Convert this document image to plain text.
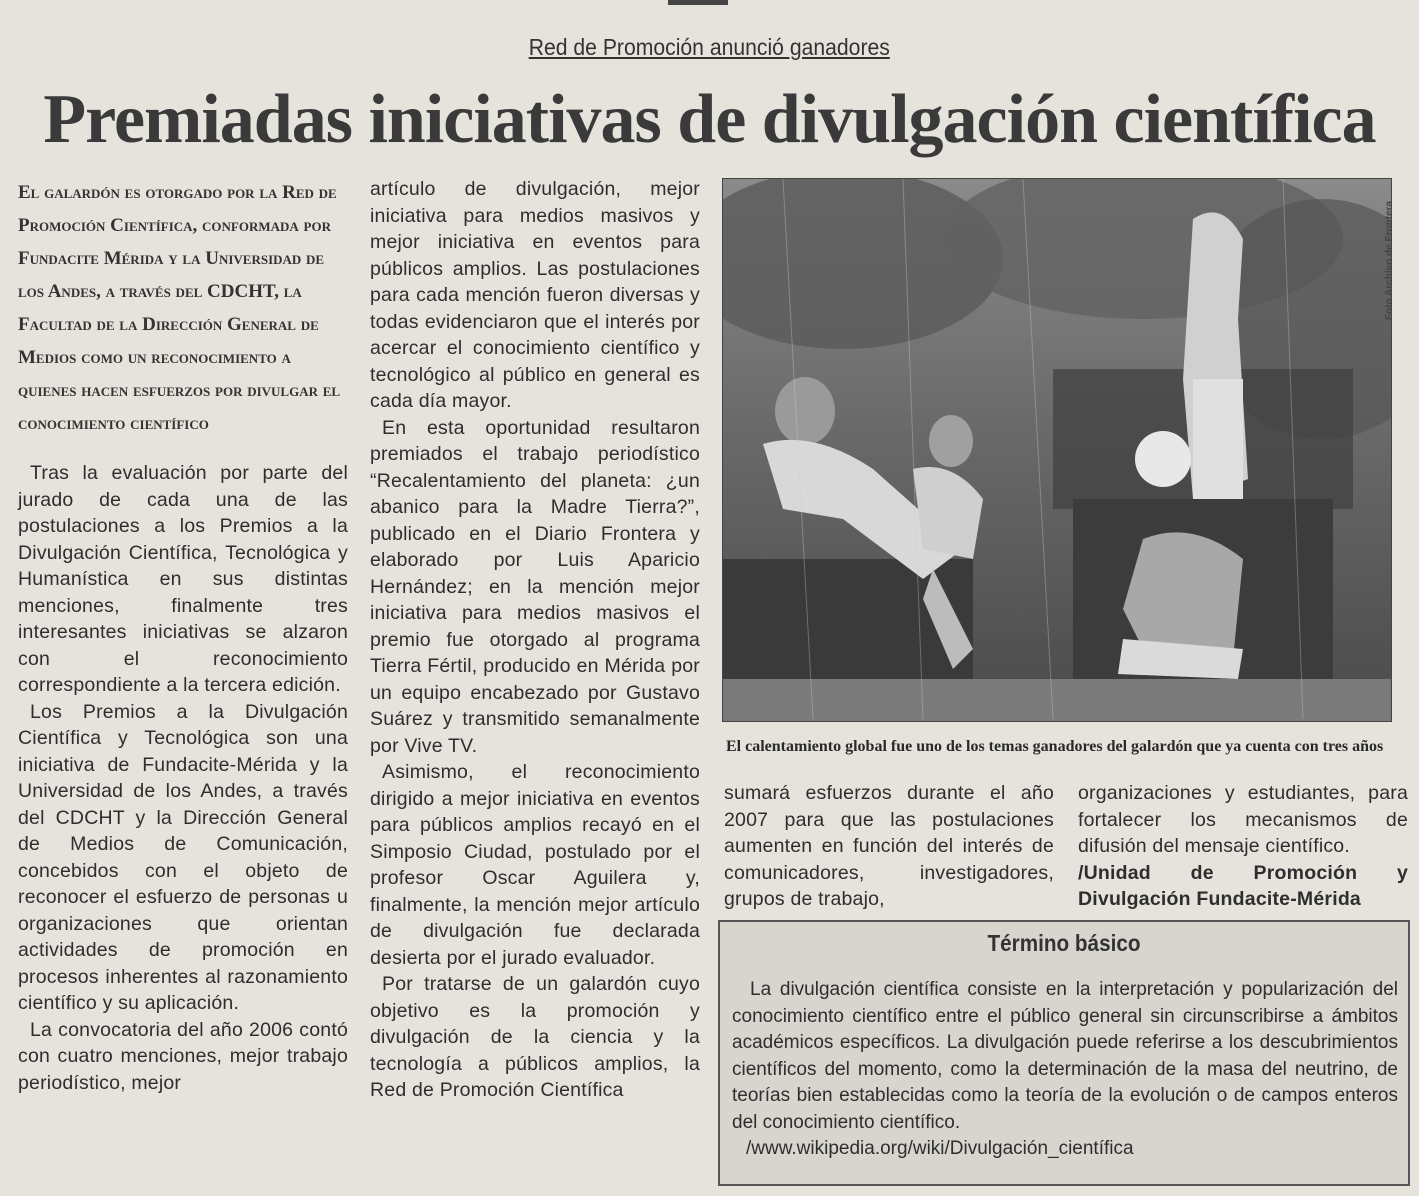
Red de Promoción anunció ganadores
Premiadas iniciativas de divulgación científica

El galardón es otorgado por la Red de Promoción Científica, conformada por Fundacite Mérida y la Universidad de los Andes, a través del CDCHT, la Facultad de la Dirección General de Medios como un reconocimiento a quienes hacen esfuerzos por divulgar el conocimiento científico

Tras la evaluación por parte del jurado de cada una de las postulaciones a los Premios a la Divulgación Científica, Tecnológica y Humanística en sus distintas menciones, finalmente tres interesantes iniciativas se alzaron con el reconocimiento correspondiente a la tercera edición.

Los Premios a la Divulgación Científica y Tecnológica son una iniciativa de Fundacite-Mérida y la Universidad de los Andes, a través del CDCHT y la Dirección General de Medios de Comunicación, concebidos con el objeto de reconocer el esfuerzo de personas u organizaciones que orientan actividades de promoción en procesos inherentes al razonamiento científico y su aplicación.

La convocatoria del año 2006 contó con cuatro menciones, mejor trabajo periodístico, mejor

artículo de divulgación, mejor iniciativa para medios masivos y mejor iniciativa en eventos para públicos amplios. Las postulaciones para cada mención fueron diversas y todas evidenciaron que el interés por acercar el conocimiento científico y tecnológico al público en general es cada día mayor.

En esta oportunidad resultaron premiados el trabajo periodístico “Recalentamiento del planeta: ¿un abanico para la Madre Tierra?”, publicado en el Diario Frontera y elaborado por Luis Aparicio Hernández; en la mención mejor iniciativa para medios masivos el premio fue otorgado al programa Tierra Fértil, producido en Mérida por un equipo encabezado por Gustavo Suárez y transmitido semanalmente por Vive TV.

Asimismo, el reconocimiento dirigido a mejor iniciativa en eventos para públicos amplios recayó en el Simposio Ciudad, postulado por el profesor Oscar Aguilera y, finalmente, la mención mejor artículo de divulgación fue declarada desierta por el jurado evaluador.

Por tratarse de un galardón cuyo objetivo es la promoción y divulgación de la ciencia y la tecnología a públicos amplios, la Red de Promoción Científica

Foto Archivo de Frontera
El calentamiento global fue uno de los temas ganadores del galardón que ya cuenta con tres años

sumará esfuerzos durante el año 2007 para que las postulaciones aumenten en función del interés de comunicadores, investigadores, grupos de trabajo,

organizaciones y estudiantes, para fortalecer los mecanismos de difusión del mensaje científico.

/Unidad de Promoción y Divulgación Fundacite-Mérida

Término básico
La divulgación científica consiste en la interpretación y popularización del conocimiento científico entre el público general sin circunscribirse a ámbitos académicos específicos. La divulgación puede referirse a los descubrimientos científicos del momento, como la determinación de la masa del neutrino, de teorías bien establecidas como la teoría de la evolución o de campos enteros del conocimiento científico.
/www.wikipedia.org/wiki/Divulgación_científica
